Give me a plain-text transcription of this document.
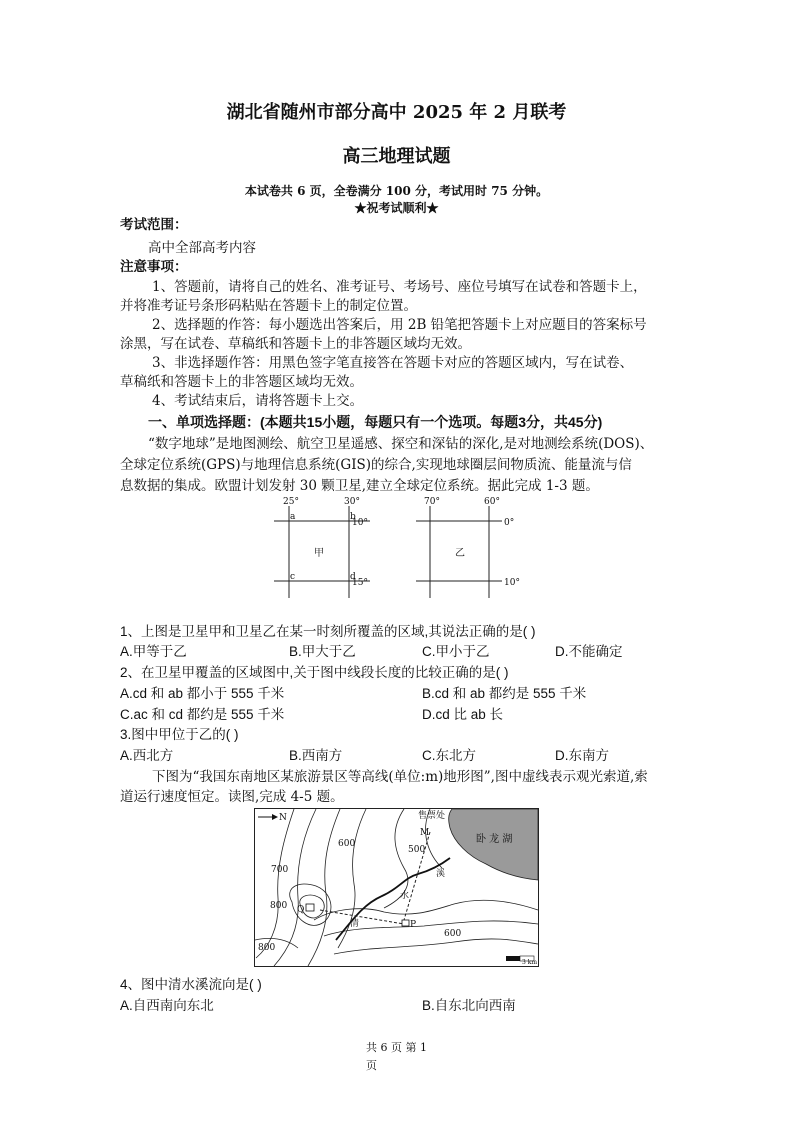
湖北省随州市部分高中 2025 年 2 月联考
高三地理试题
本试卷共 6 页，全卷满分 100 分，考试用时 75 分钟。
★祝考试顺利★
考试范围：
高中全部高考内容
注意事项：
1、答题前，请将自己的姓名、准考证号、考场号、座位号填写在试卷和答题卡上，
并将准考证号条形码粘贴在答题卡上的制定位置。
2、选择题的作答：每小题选出答案后，用 2B 铅笔把答题卡上对应题目的答案标号
涂黑，写在试卷、草稿纸和答题卡上的非答题区域均无效。
3、非选择题作答：用黑色签字笔直接答在答题卡对应的答题区域内，写在试卷、
草稿纸和答题卡上的非答题区域均无效。
4、考试结束后，请将答题卡上交。
一、单项选择题：(本题共15小题，每题只有一个选项。每题3分，共45分)
“数字地球”是地图测绘、航空卫星遥感、探空和深钻的深化,是对地测绘系统(DOS)、
全球定位系统(GPS)与地理信息系统(GIS)的综合,实现地球圈层间物质流、能量流与信
息数据的集成。欧盟计划发射 30 颗卫星,建立全球定位系统。据此完成 1-3 题。
25°	30°	70°	60°
10°
15°
0°
10°
a	b
c	d
甲	乙
1、上图是卫星甲和卫星乙在某一时刻所覆盖的区域,其说法正确的是( )
A.甲等于乙	B.甲大于乙	C.甲小于乙	D.不能确定
2、在卫星甲覆盖的区域图中,关于图中线段长度的比较正确的是( )
A.cd 和 ab 都小于 555 千米	B.cd 和 ab 都约是 555 千米
C.ac 和 cd 都约是 555 千米	D.cd 比 ab 长
3.图中甲位于乙的( )
A.西北方	B.西南方	C.东北方	D.东南方
下图为“我国东南地区某旅游景区等高线(单位:m)地形图”,图中虚线表示观光索道,索
道运行速度恒定。读图,完成 4-5 题。
N	售票处
M
卧 龙 湖
600
500
700
800 Q
P
600
800
溪
水
清
3 km
4、图中清水溪流向是( )
A.自西南向东北	B.自东北向西南
共 6 页 第 1
页
